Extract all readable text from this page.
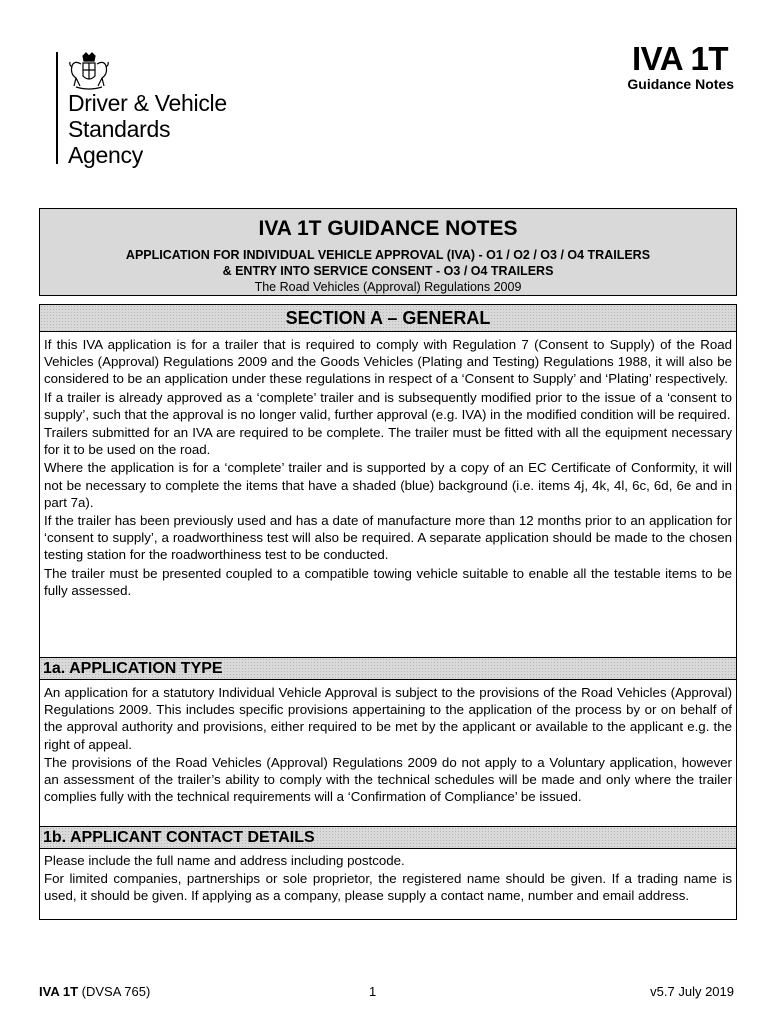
Driver & Vehicle
Standards
Agency
IVA 1T
Guidance Notes
IVA 1T GUIDANCE NOTES
APPLICATION FOR INDIVIDUAL VEHICLE APPROVAL (IVA) - O1 / O2 / O3 / O4 TRAILERS
& ENTRY INTO SERVICE CONSENT - O3 / O4 TRAILERS
The Road Vehicles (Approval) Regulations 2009
SECTION A – GENERAL

If this IVA application is for a trailer that is required to comply with Regulation 7 (Consent to Supply) of the Road Vehicles (Approval) Regulations 2009 and the Goods Vehicles (Plating and Testing) Regulations 1988, it will also be considered to be an application under these regulations in respect of a ‘Consent to Supply’ and ‘Plating’ respectively.

If a trailer is already approved as a ‘complete’ trailer and is subsequently modified prior to the issue of a ‘consent to supply’, such that the approval is no longer valid, further approval (e.g. IVA) in the modified condition will be required.

Trailers submitted for an IVA are required to be complete. The trailer must be fitted with all the equipment necessary for it to be used on the road.

Where the application is for a ‘complete’ trailer and is supported by a copy of an EC Certificate of Conformity, it will not be necessary to complete the items that have a shaded (blue) background (i.e. items 4j, 4k, 4l, 6c, 6d, 6e and in part 7a).

If the trailer has been previously used and has a date of manufacture more than 12 months prior to an application for ‘consent to supply’, a roadworthiness test will also be required. A separate application should be made to the chosen testing station for the roadworthiness test to be conducted.

The trailer must be presented coupled to a compatible towing vehicle suitable to enable all the testable items to be fully assessed.

1a. APPLICATION TYPE

An application for a statutory Individual Vehicle Approval is subject to the provisions of the Road Vehicles (Approval) Regulations 2009. This includes specific provisions appertaining to the application of the process by or on behalf of the approval authority and provisions, either required to be met by the applicant or available to the applicant e.g. the right of appeal.

The provisions of the Road Vehicles (Approval) Regulations 2009 do not apply to a Voluntary application, however an assessment of the trailer’s ability to comply with the technical schedules will be made and only where the trailer complies fully with the technical requirements will a ‘Confirmation of Compliance’ be issued.

1b. APPLICANT CONTACT DETAILS

Please include the full name and address including postcode.

For limited companies, partnerships or sole proprietor, the registered name should be given. If a trading name is used, it should be given. If applying as a company, please supply a contact name, number and email address.

IVA 1T (DVSA 765)	1	v5.7 July 2019
